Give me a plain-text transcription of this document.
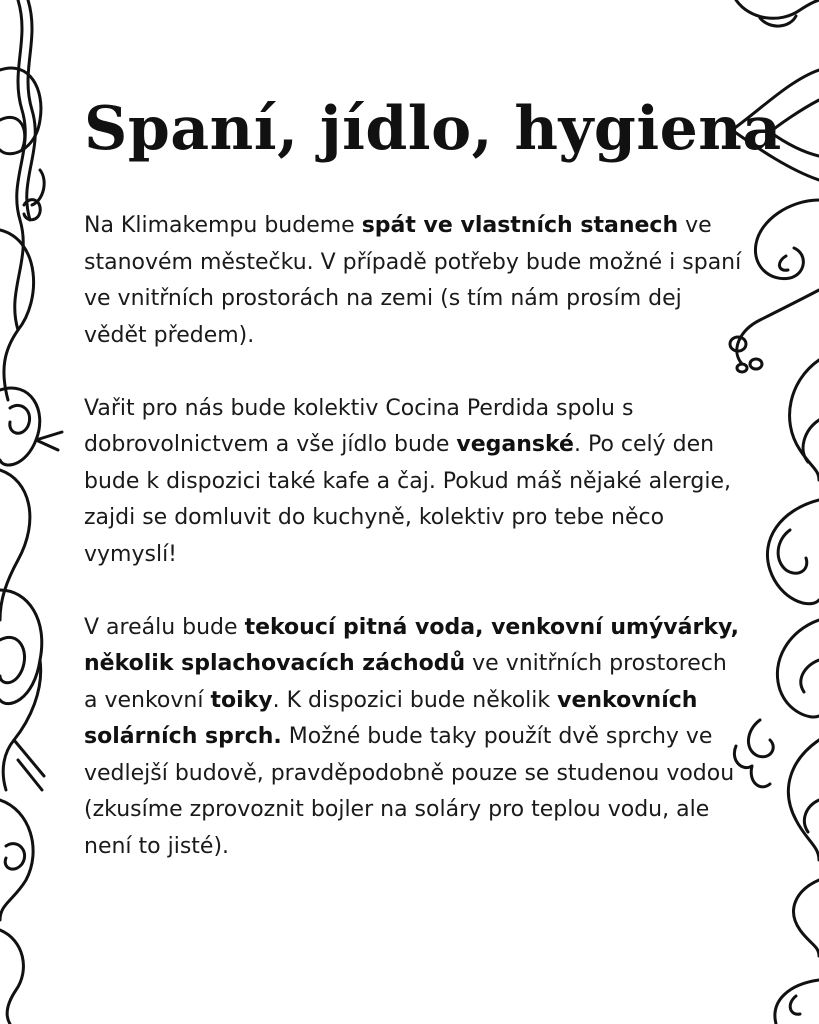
Spaní, jídlo, hygiena

Na Klimakempu budeme spát ve vlastních stanech ve stanovém městečku. V případě potřeby bude možné i spaní ve vnitřních prostorách na zemi (s tím nám prosím dej vědět předem).

Vařit pro nás bude kolektiv Cocina Perdida spolu s dobrovolnictvem a vše jídlo bude veganské. Po celý den bude k dispozici také kafe a čaj. Pokud máš nějaké alergie, zajdi se domluvit do kuchyně, kolektiv pro tebe něco vymyslí!

V areálu bude tekoucí pitná voda, venkovní umývárky, několik splachovacích záchodů ve vnitřních prostorech a venkovní toiky. K dispozici bude několik venkovních solárních sprch. Možné bude taky použít dvě sprchy ve vedlejší budově, pravděpodobně pouze se studenou vodou (zkusíme zprovoznit bojler na soláry pro teplou vodu, ale není to jisté).
